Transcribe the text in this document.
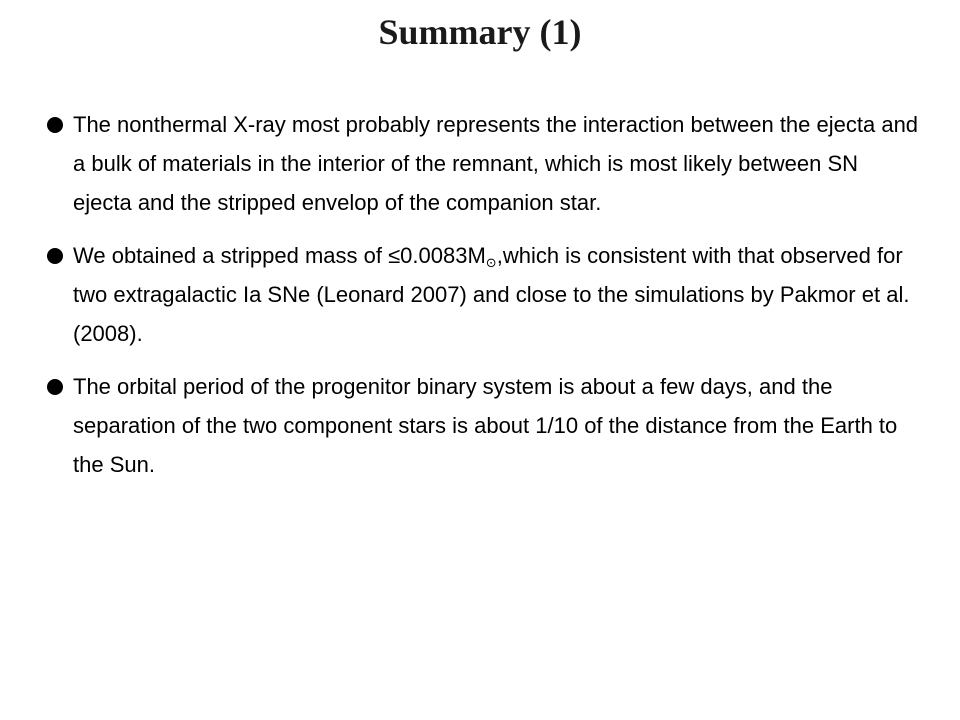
Summary (1)
The nonthermal X-ray most probably represents the interaction between the ejecta and a bulk of materials in the interior of the remnant, which is most likely between SN ejecta and the stripped envelop of the companion star.
We obtained a stripped mass of $\le 0.0083M_⊙,which$ is consistent with that observed for two extragalactic Ia SNe (Leonard 2007) and close to the simulations by Pakmor et al. (2008).
The orbital period of the progenitor binary system is about a few days, and the separation of the two component stars is about 1/10 of the distance from the Earth to the Sun.
